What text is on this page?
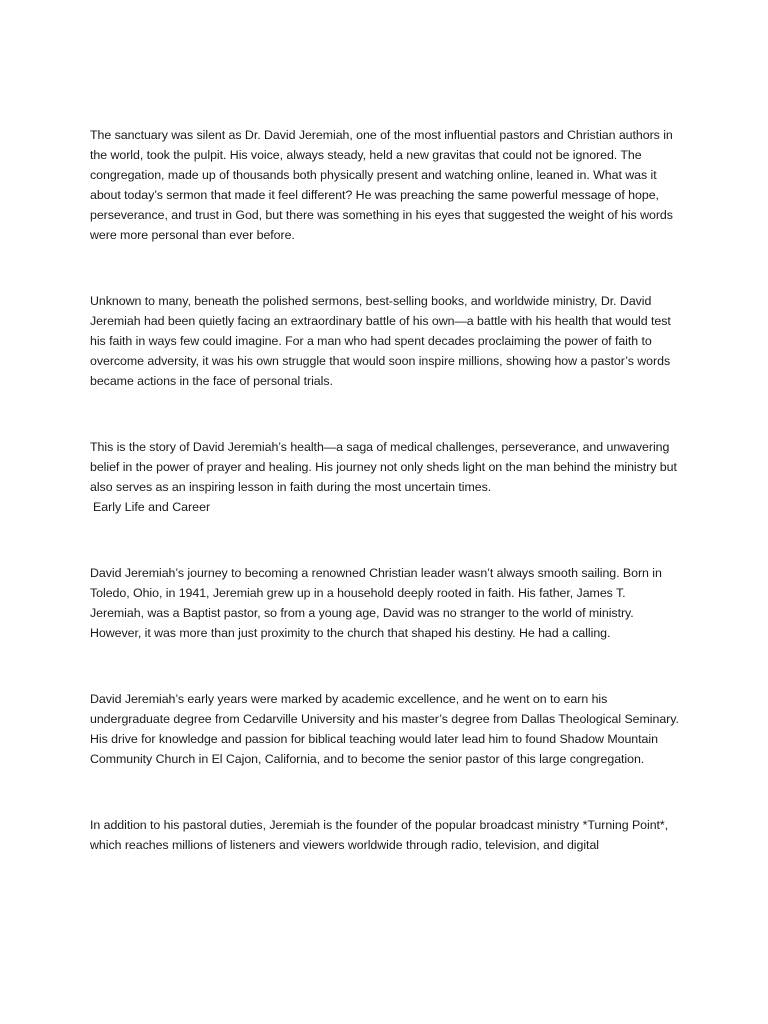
The sanctuary was silent as Dr. David Jeremiah, one of the most influential pastors and Christian authors in the world, took the pulpit. His voice, always steady, held a new gravitas that could not be ignored. The congregation, made up of thousands both physically present and watching online, leaned in. What was it about today’s sermon that made it feel different? He was preaching the same powerful message of hope, perseverance, and trust in God, but there was something in his eyes that suggested the weight of his words were more personal than ever before.

Unknown to many, beneath the polished sermons, best-selling books, and worldwide ministry, Dr. David Jeremiah had been quietly facing an extraordinary battle of his own—a battle with his health that would test his faith in ways few could imagine. For a man who had spent decades proclaiming the power of faith to overcome adversity, it was his own struggle that would soon inspire millions, showing how a pastor’s words became actions in the face of personal trials.

This is the story of David Jeremiah’s health—a saga of medical challenges, perseverance, and unwavering belief in the power of prayer and healing. His journey not only sheds light on the man behind the ministry but also serves as an inspiring lesson in faith during the most uncertain times.

Early Life and Career

David Jeremiah’s journey to becoming a renowned Christian leader wasn’t always smooth sailing. Born in Toledo, Ohio, in 1941, Jeremiah grew up in a household deeply rooted in faith. His father, James T. Jeremiah, was a Baptist pastor, so from a young age, David was no stranger to the world of ministry. However, it was more than just proximity to the church that shaped his destiny. He had a calling.

David Jeremiah’s early years were marked by academic excellence, and he went on to earn his undergraduate degree from Cedarville University and his master’s degree from Dallas Theological Seminary. His drive for knowledge and passion for biblical teaching would later lead him to found Shadow Mountain Community Church in El Cajon, California, and to become the senior pastor of this large congregation.

In addition to his pastoral duties, Jeremiah is the founder of the popular broadcast ministry *Turning Point*, which reaches millions of listeners and viewers worldwide through radio, television, and digital
